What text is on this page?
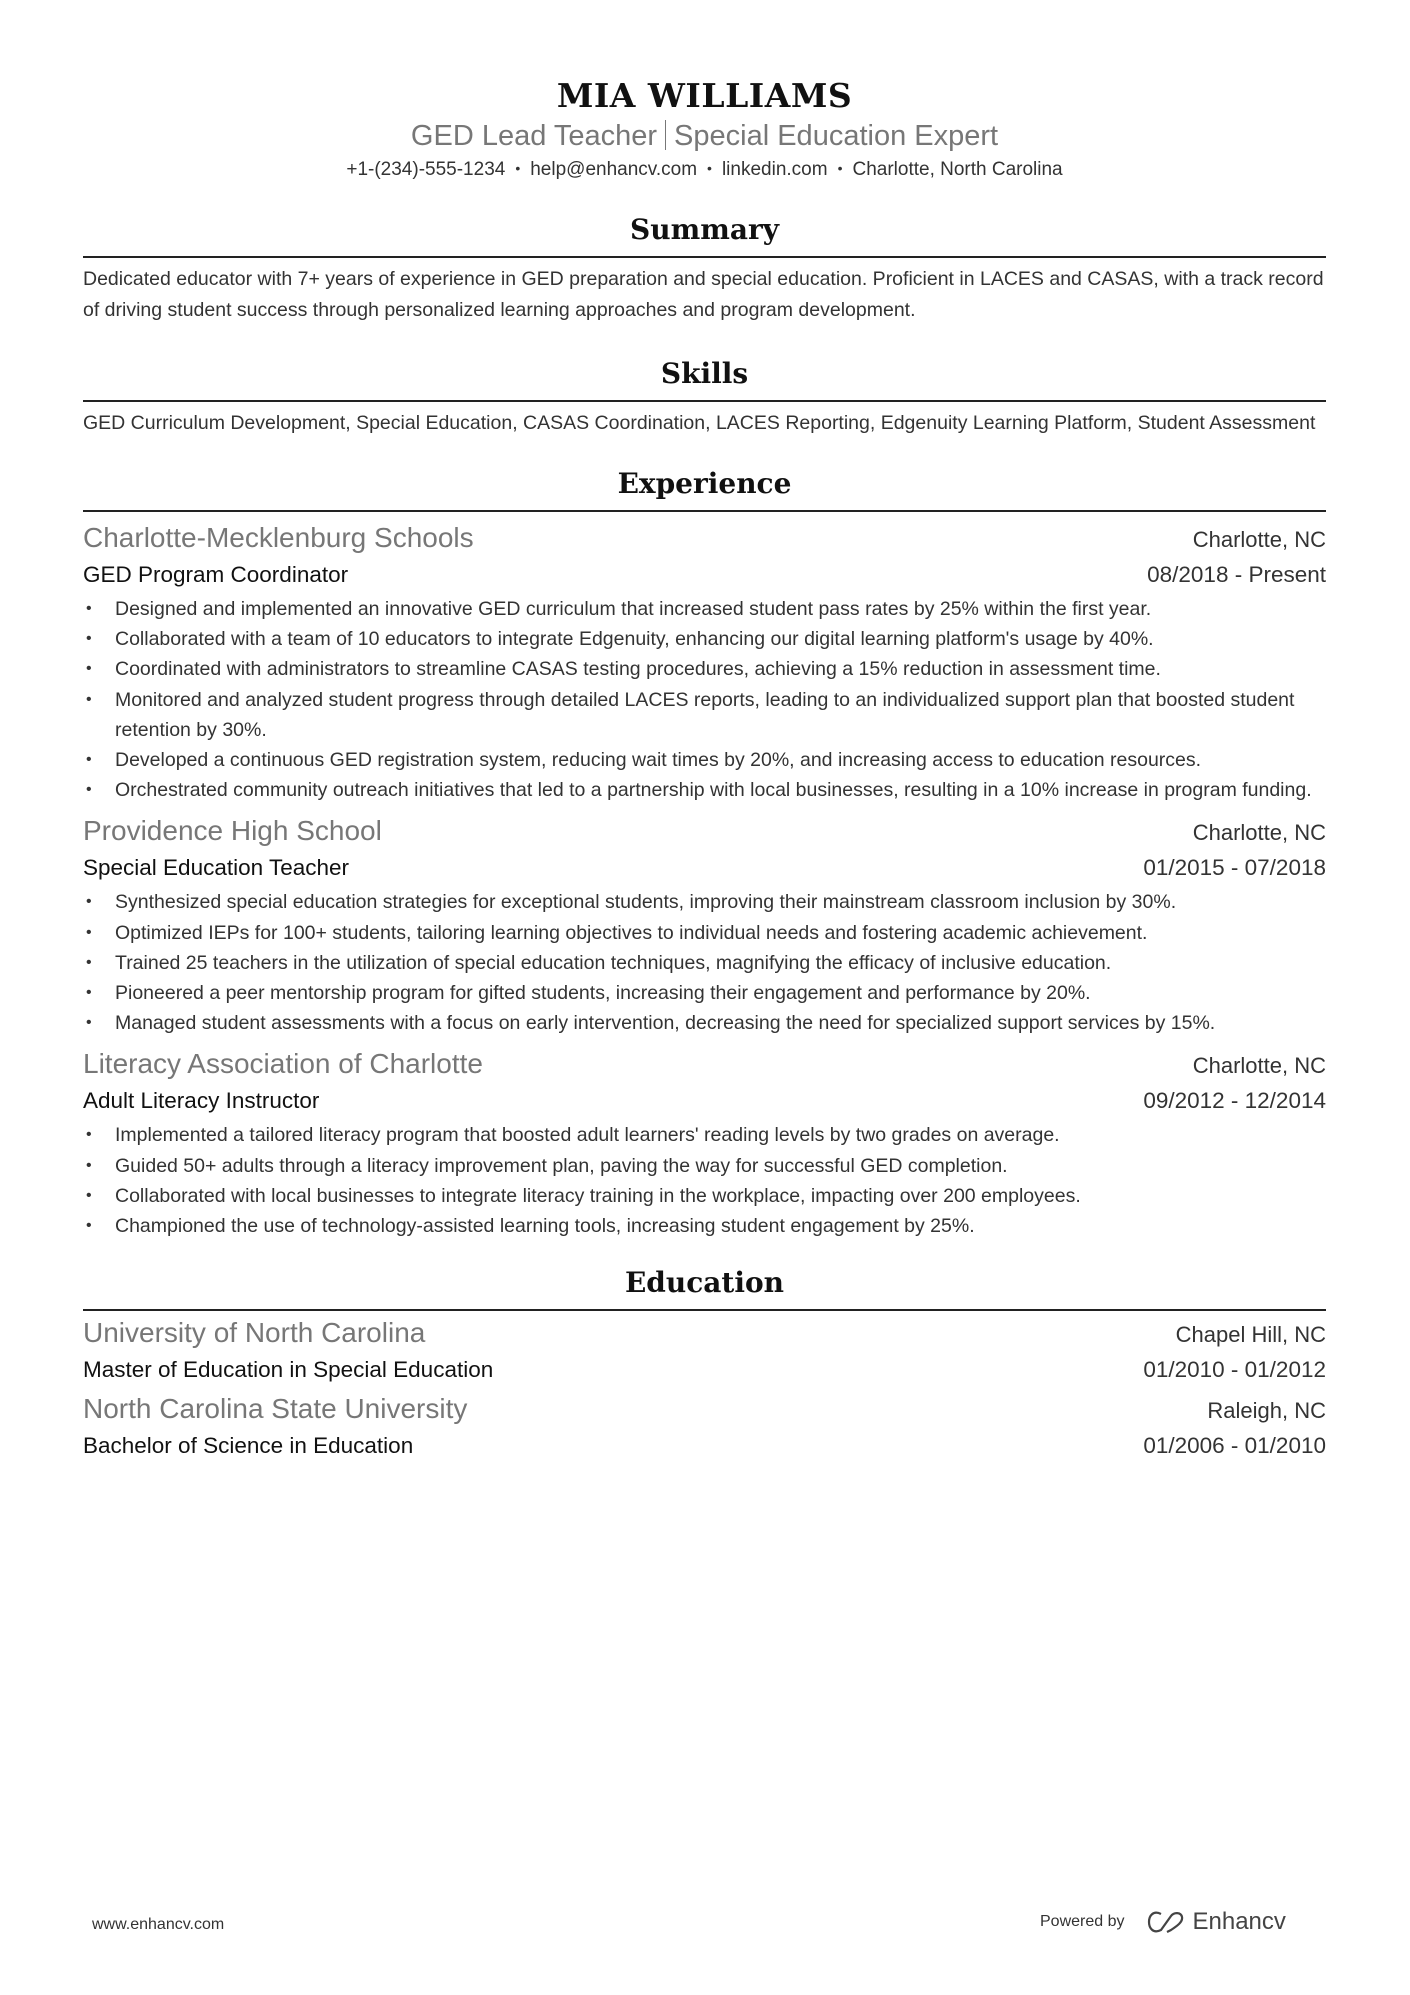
MIA WILLIAMS
GED Lead Teacher Special Education Expert
+1-(234)-555-1234 • help@enhancv.com • linkedin.com • Charlotte, North Carolina
Summary
Dedicated educator with 7+ years of experience in GED preparation and special education. Proficient in LACES and CASAS, with a track record of driving student success through personalized learning approaches and program development.
Skills
GED Curriculum Development, Special Education, CASAS Coordination, LACES Reporting, Edgenuity Learning Platform, Student Assessment
Experience
Charlotte-Mecklenburg Schools	Charlotte, NC
GED Program Coordinator	08/2018 - Present
• Designed and implemented an innovative GED curriculum that increased student pass rates by 25% within the first year.
• Collaborated with a team of 10 educators to integrate Edgenuity, enhancing our digital learning platform's usage by 40%.
• Coordinated with administrators to streamline CASAS testing procedures, achieving a 15% reduction in assessment time.
• Monitored and analyzed student progress through detailed LACES reports, leading to an individualized support plan that boosted student retention by 30%.
• Developed a continuous GED registration system, reducing wait times by 20%, and increasing access to education resources.
• Orchestrated community outreach initiatives that led to a partnership with local businesses, resulting in a 10% increase in program funding.
Providence High School	Charlotte, NC
Special Education Teacher	01/2015 - 07/2018
• Synthesized special education strategies for exceptional students, improving their mainstream classroom inclusion by 30%.
• Optimized IEPs for 100+ students, tailoring learning objectives to individual needs and fostering academic achievement.
• Trained 25 teachers in the utilization of special education techniques, magnifying the efficacy of inclusive education.
• Pioneered a peer mentorship program for gifted students, increasing their engagement and performance by 20%.
• Managed student assessments with a focus on early intervention, decreasing the need for specialized support services by 15%.
Literacy Association of Charlotte	Charlotte, NC
Adult Literacy Instructor	09/2012 - 12/2014
• Implemented a tailored literacy program that boosted adult learners' reading levels by two grades on average.
• Guided 50+ adults through a literacy improvement plan, paving the way for successful GED completion.
• Collaborated with local businesses to integrate literacy training in the workplace, impacting over 200 employees.
• Championed the use of technology-assisted learning tools, increasing student engagement by 25%.
Education
University of North Carolina	Chapel Hill, NC
Master of Education in Special Education	01/2010 - 01/2012
North Carolina State University	Raleigh, NC
Bachelor of Science in Education	01/2006 - 01/2010
www.enhancv.com	Powered by	Enhancv
